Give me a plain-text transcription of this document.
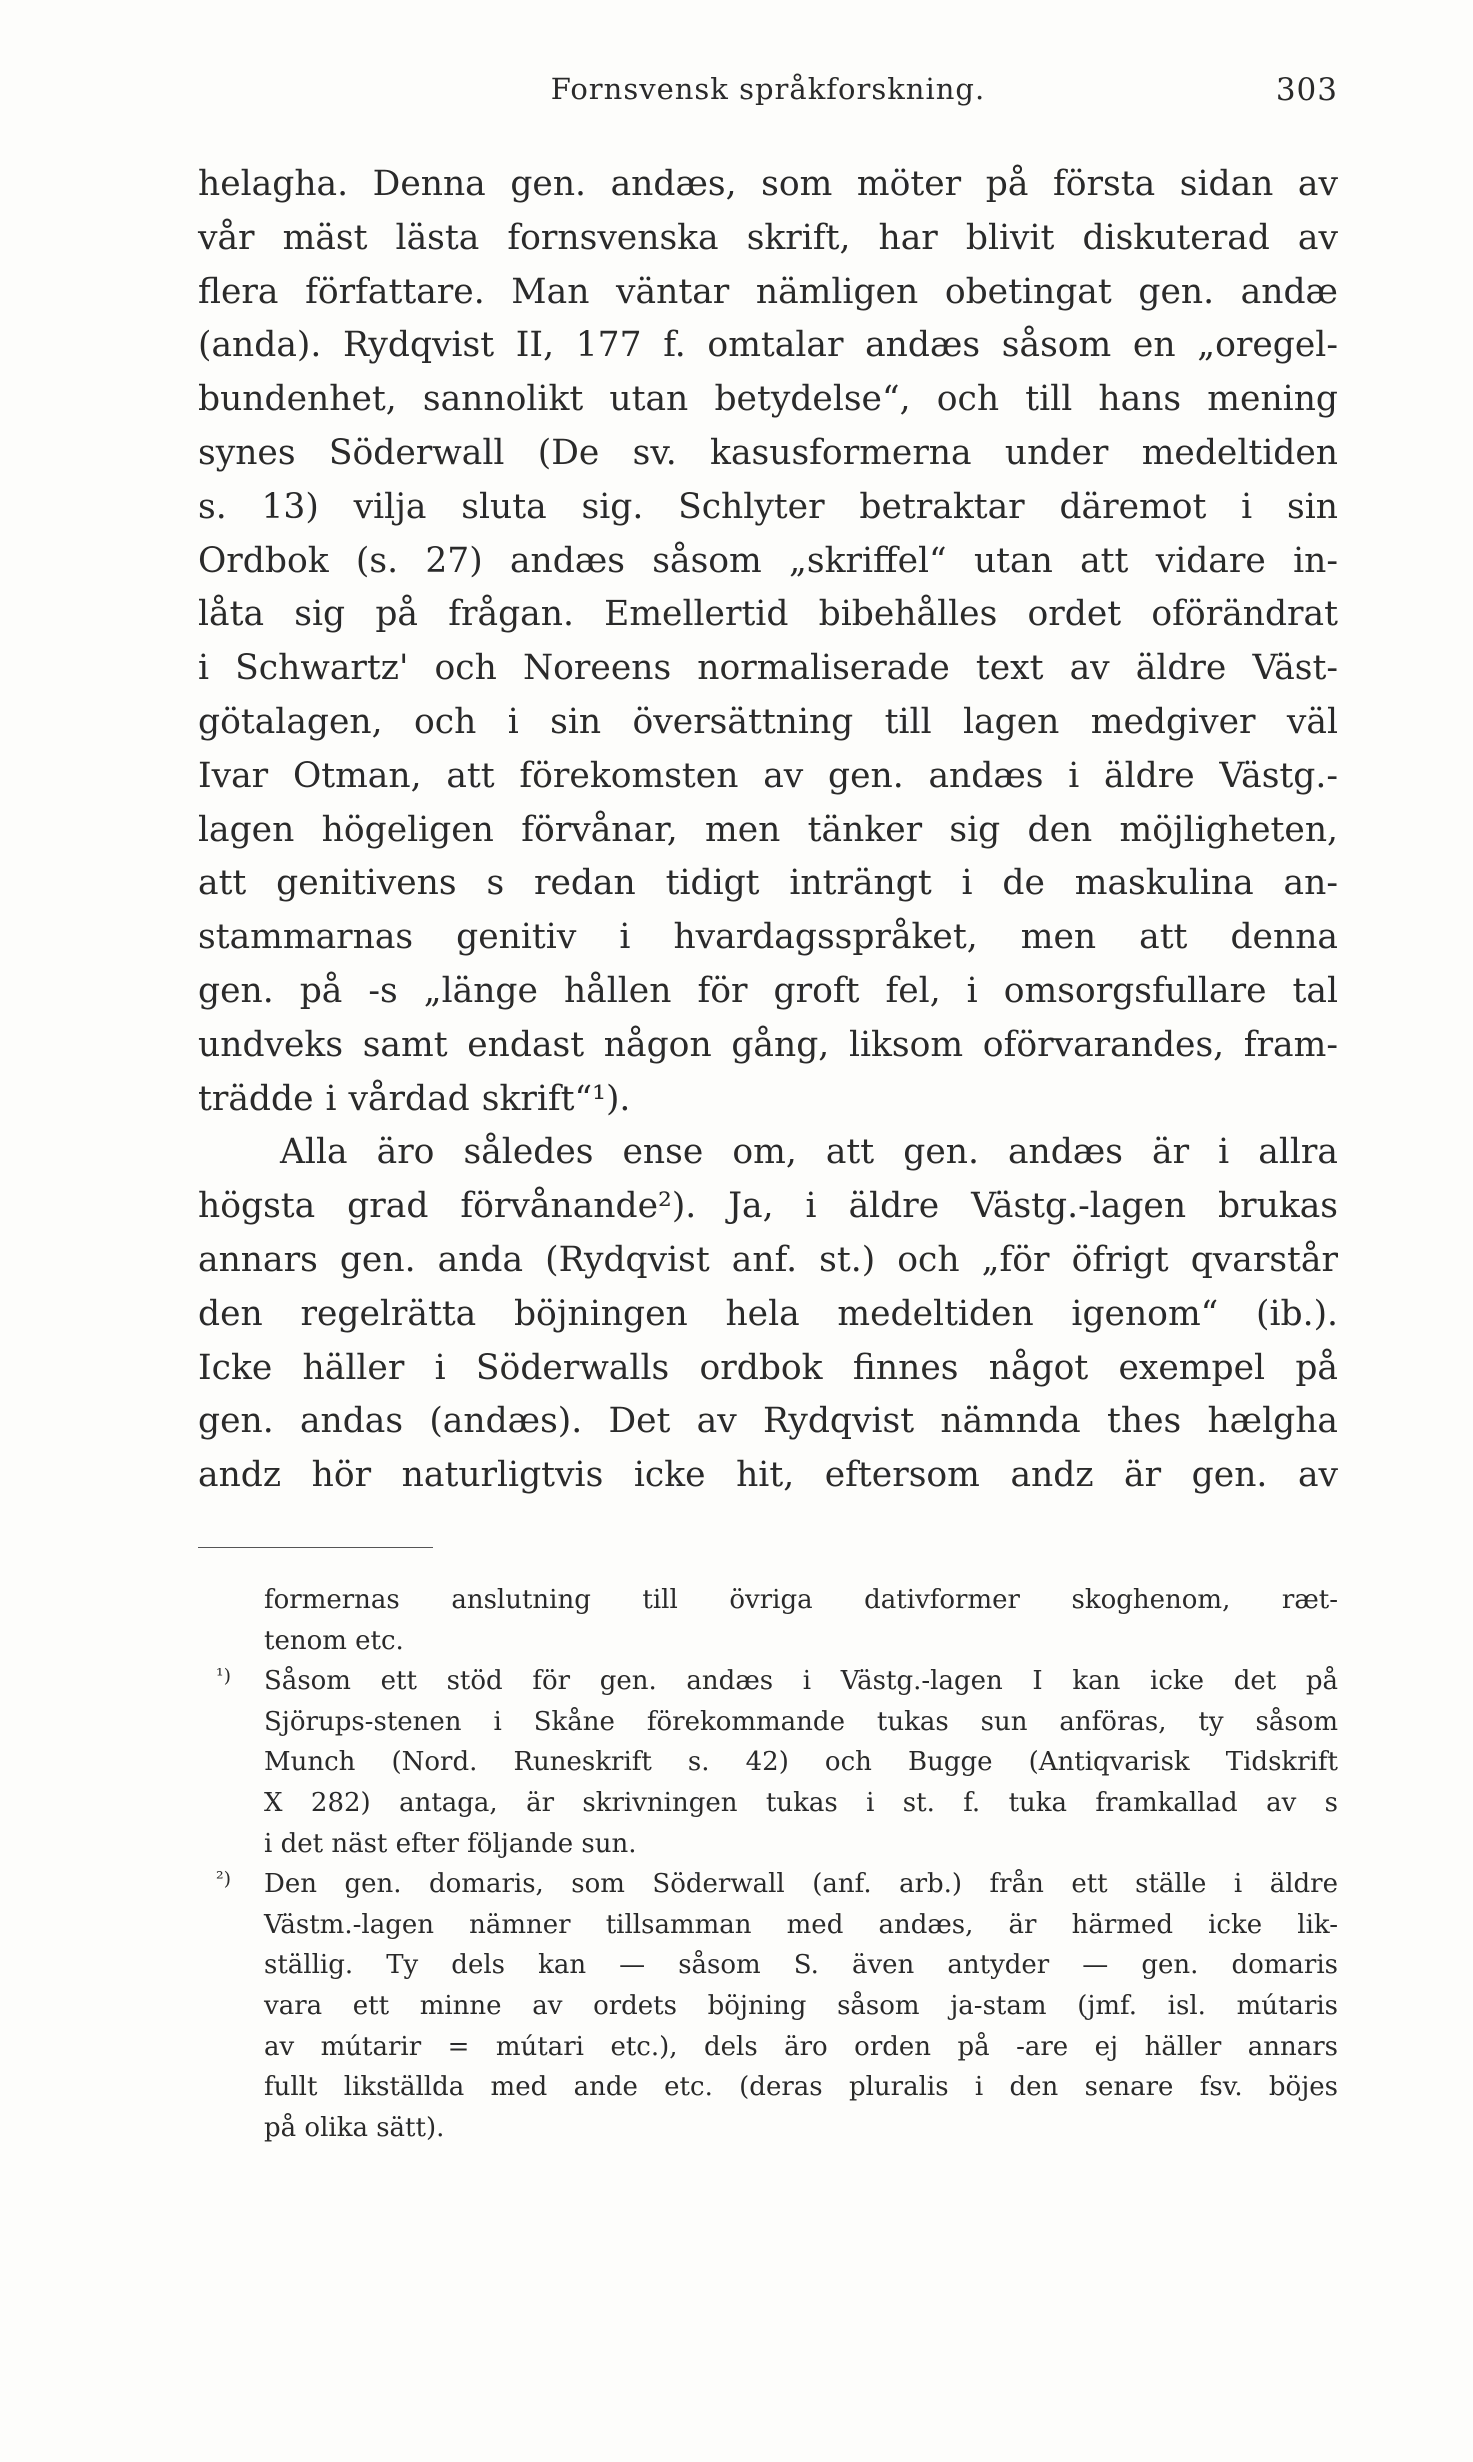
Fornsvensk språkforskning.	303
helagha. Denna gen. andæs, som möter på första sidan av
vår mäst lästa fornsvenska skrift, har blivit diskuterad av
flera författare. Man väntar nämligen obetingat gen. andæ
(anda). Rydqvist II, 177 f. omtalar andæs såsom en „oregel-
bundenhet, sannolikt utan betydelse“, och till hans mening
synes Söderwall (De sv. kasusformerna under medeltiden
s. 13) vilja sluta sig. Schlyter betraktar däremot i sin
Ordbok (s. 27) andæs såsom „skriffel“ utan att vidare in-
låta sig på frågan. Emellertid bibehålles ordet oförändrat
i Schwartz' och Noreens normaliserade text av äldre Väst-
götalagen, och i sin översättning till lagen medgiver väl
Ivar Otman, att förekomsten av gen. andæs i äldre Västg.-
lagen högeligen förvånar, men tänker sig den möjligheten,
att genitivens s redan tidigt inträngt i de maskulina an-
stammarnas genitiv i hvardagsspråket, men att denna
gen. på -s „länge hållen för groft fel, i omsorgsfullare tal
undveks samt endast någon gång, liksom oförvarandes, fram-
trädde i vårdad skrift“¹).
Alla äro således ense om, att gen. andæs är i allra
högsta grad förvånande²). Ja, i äldre Västg.-lagen brukas
annars gen. anda (Rydqvist anf. st.) och „för öfrigt qvarstår
den regelrätta böjningen hela medeltiden igenom“ (ib.).
Icke häller i Söderwalls ordbok finnes något exempel på
gen. andas (andæs). Det av Rydqvist nämnda thes hælgha
andz hör naturligtvis icke hit, eftersom andz är gen. av
formernas anslutning till övriga dativformer skoghenom, ræt-
tenom etc.
¹) Såsom ett stöd för gen. andæs i Västg.-lagen I kan icke det på
Sjörups-stenen i Skåne förekommande tukas sun anföras, ty såsom
Munch (Nord. Runeskrift s. 42) och Bugge (Antiqvarisk Tidskrift
X 282) antaga, är skrivningen tukas i st. f. tuka framkallad av s
i det näst efter följande sun.
²) Den gen. domaris, som Söderwall (anf. arb.) från ett ställe i äldre
Västm.-lagen nämner tillsamman med andæs, är härmed icke lik-
ställig. Ty dels kan — såsom S. även antyder — gen. domaris
vara ett minne av ordets böjning såsom ja-stam (jmf. isl. mútaris
av mútarir = mútari etc.), dels äro orden på -are ej häller annars
fullt likställda med ande etc. (deras pluralis i den senare fsv. böjes
på olika sätt).
